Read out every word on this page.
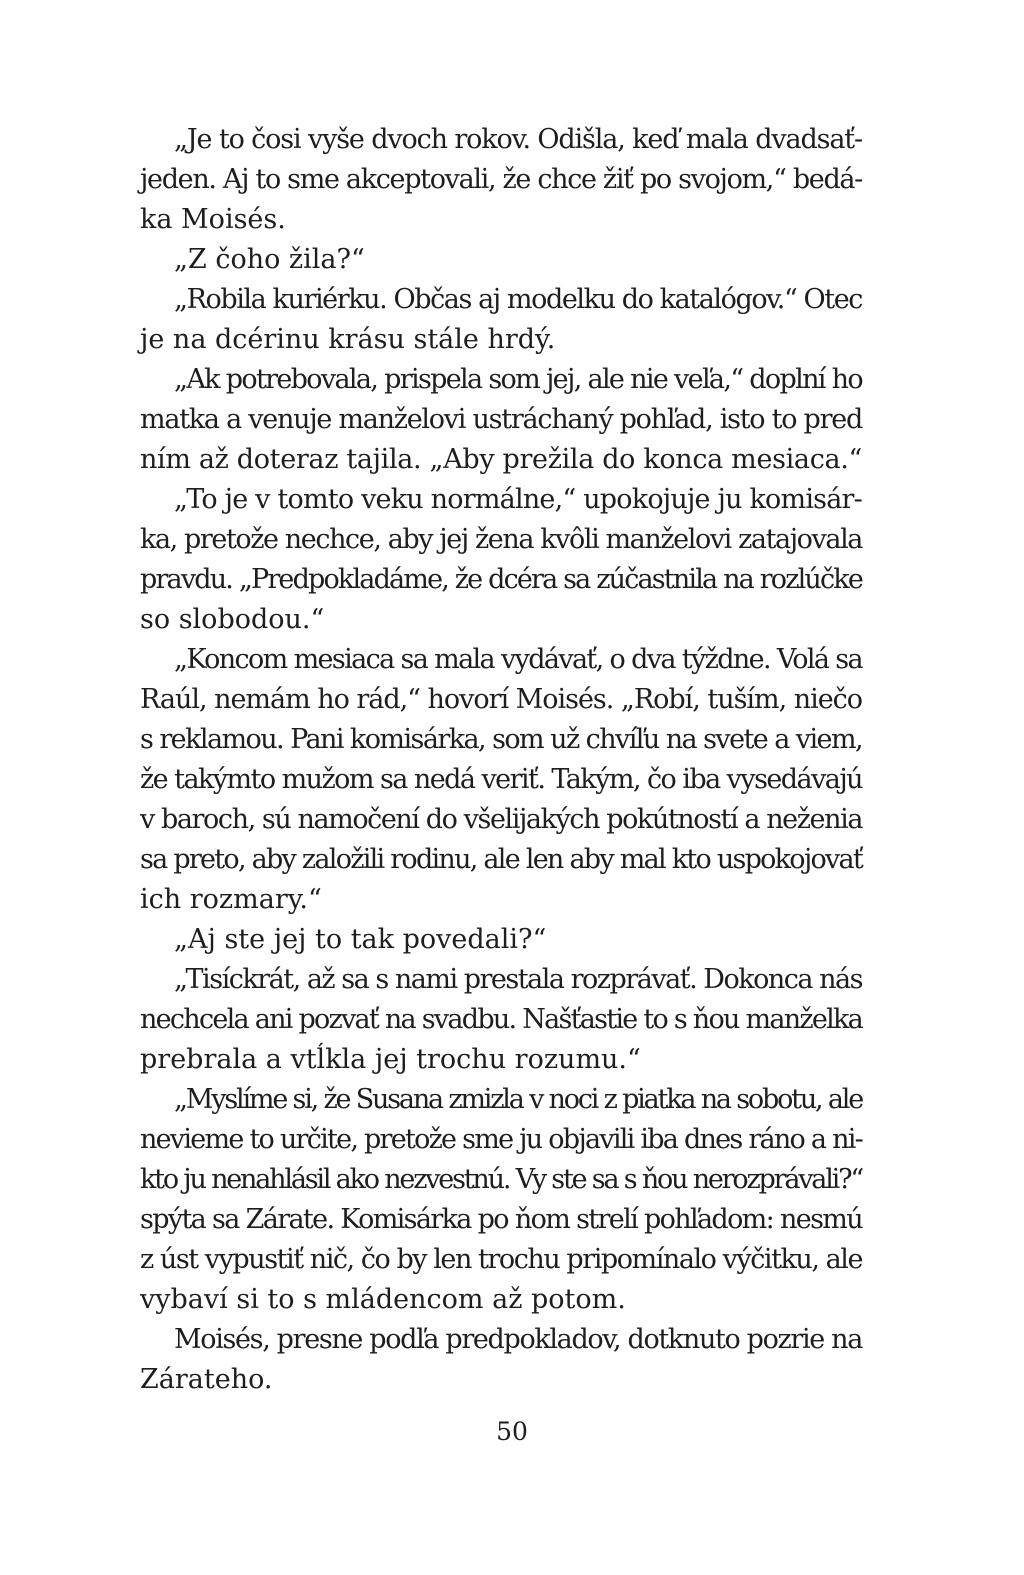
„Je to čosi vyše dvoch rokov. Odišla, keď mala dvadsať-
jeden. Aj to sme akceptovali, že chce žiť po svojom,“ bedá-
ka Moisés.
„Z čoho žila?“
„Robila kuriérku. Občas aj modelku do katalógov.“ Otec
je na dcérinu krásu stále hrdý.
„Ak potrebovala, prispela som jej, ale nie veľa,“ doplní ho
matka a venuje manželovi ustráchaný pohľad, isto to pred
ním až doteraz tajila. „Aby prežila do konca mesiaca.“
„To je v tomto veku normálne,“ upokojuje ju komisár-
ka, pretože nechce, aby jej žena kvôli manželovi zatajovala
pravdu. „Predpokladáme, že dcéra sa zúčastnila na rozlúčke
so slobodou.“
„Koncom mesiaca sa mala vydávať, o dva týždne. Volá sa
Raúl, nemám ho rád,“ hovorí Moisés. „Robí, tuším, niečo
s reklamou. Pani komisárka, som už chvíľu na svete a viem,
že takýmto mužom sa nedá veriť. Takým, čo iba vysedávajú
v baroch, sú namočení do všelijakých pokútností a neženia
sa preto, aby založili rodinu, ale len aby mal kto uspokojovať
ich rozmary.“
„Aj ste jej to tak povedali?“
„Tisíckrát, až sa s nami prestala rozprávať. Dokonca nás
nechcela ani pozvať na svadbu. Našťastie to s ňou manželka
prebrala a vtĺkla jej trochu rozumu.“
„Myslíme si, že Susana zmizla v noci z piatka na sobotu, ale
nevieme to určite, pretože sme ju objavili iba dnes ráno a ni-
kto ju nenahlásil ako nezvestnú. Vy ste sa s ňou nerozprávali?“
spýta sa Zárate. Komisárka po ňom strelí pohľadom: nesmú
z úst vypustiť nič, čo by len trochu pripomínalo výčitku, ale
vybaví si to s mládencom až potom.
Moisés, presne podľa predpokladov, dotknuto pozrie na
Zárateho.
50
